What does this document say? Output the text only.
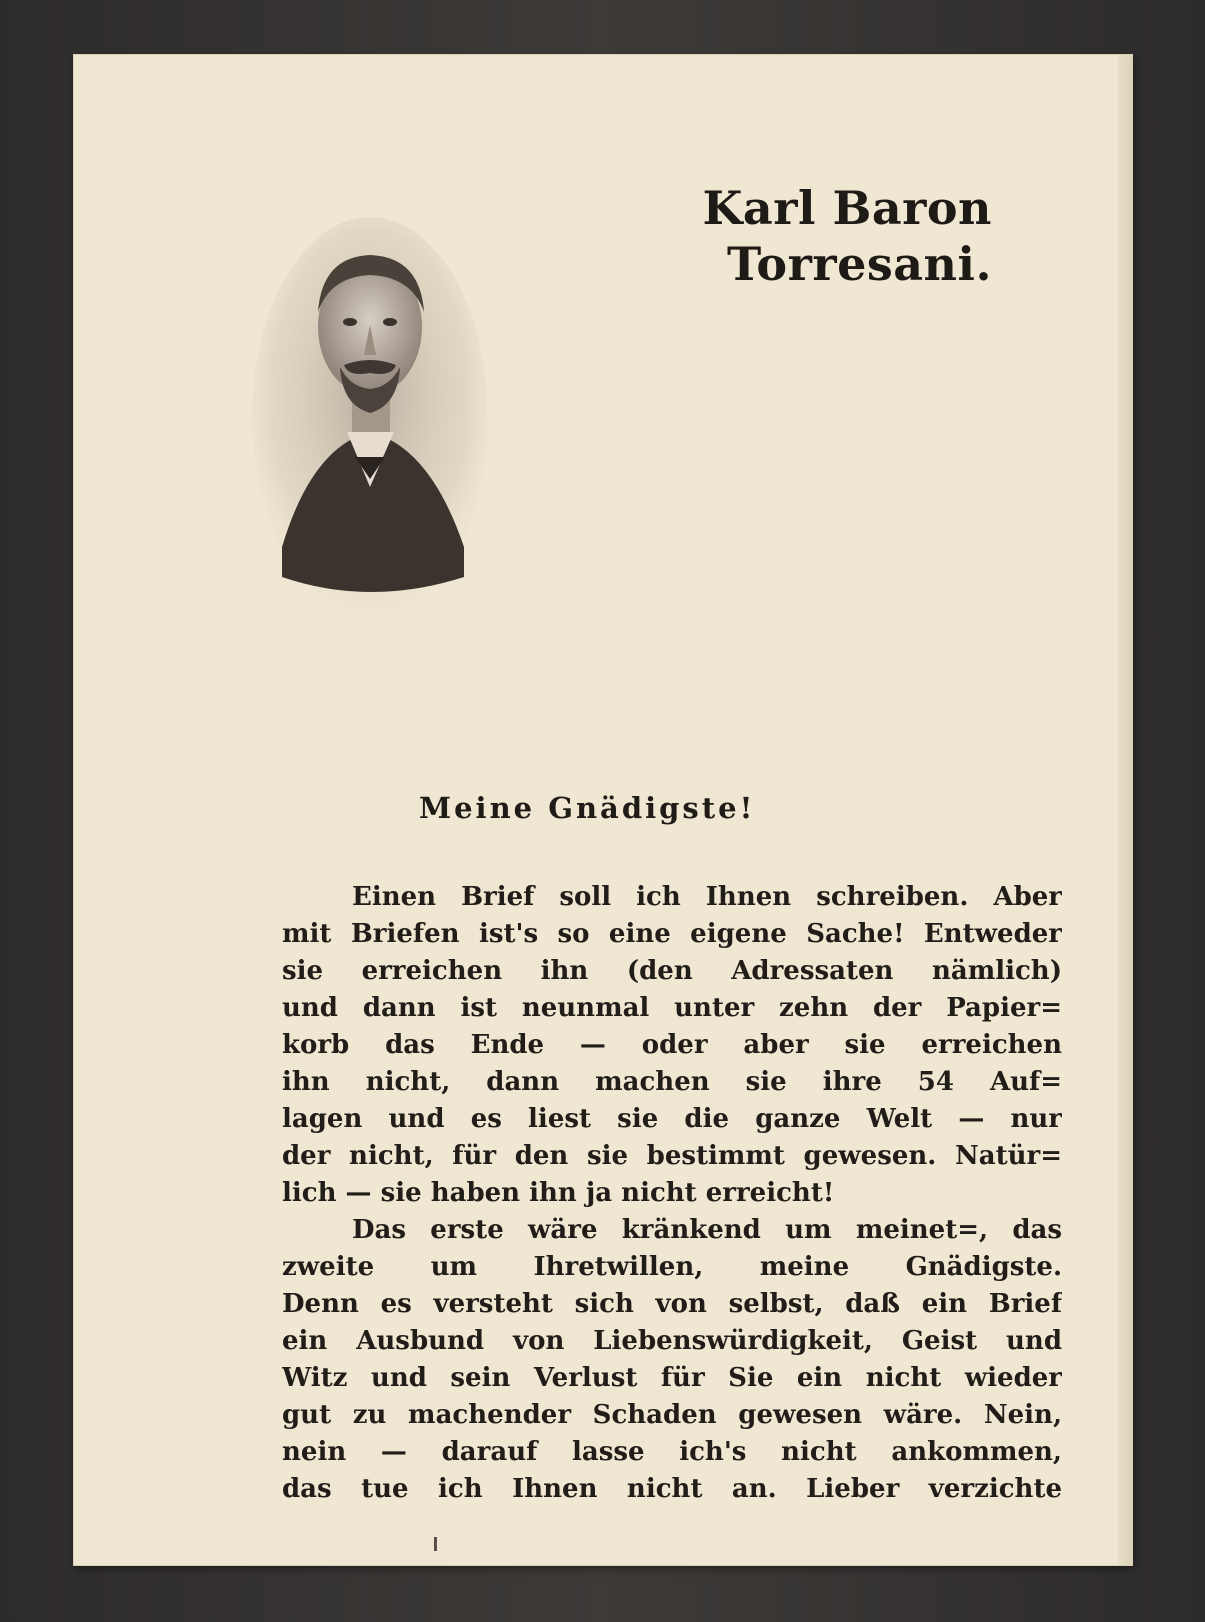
Karl Baron
Torresani.
Meine Gnädigste!
Einen Brief soll ich Ihnen schreiben. Aber
mit Briefen ist's so eine eigene Sache! Entweder
sie erreichen ihn (den Adressaten nämlich)
und dann ist neunmal unter zehn der Papier=
korb das Ende — oder aber sie erreichen
ihn nicht, dann machen sie ihre 54 Auf=
lagen und es liest sie die ganze Welt — nur
der nicht, für den sie bestimmt gewesen. Natür=
lich — sie haben ihn ja nicht erreicht!
Das erste wäre kränkend um meinet=, das
zweite um Ihretwillen, meine Gnädigste.
Denn es versteht sich von selbst, daß ein Brief
ein Ausbund von Liebenswürdigkeit, Geist und
Witz und sein Verlust für Sie ein nicht wieder
gut zu machender Schaden gewesen wäre. Nein,
nein — darauf lasse ich's nicht ankommen,
das tue ich Ihnen nicht an. Lieber verzichte
